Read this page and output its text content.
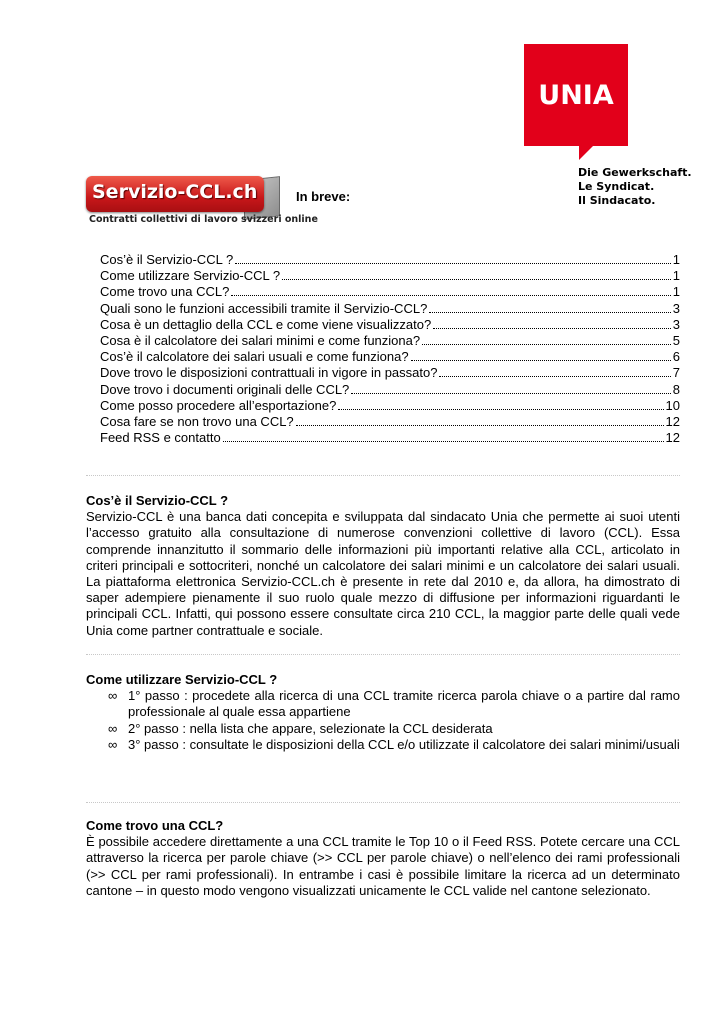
UNIA
Die Gewerkschaft.
Le Syndicat.
Il Sindacato.
Servizio-CCL.ch
Contratti collettivi di lavoro svizzeri online
In breve:
Cos’è il Servizio-CCL ?	1
Come utilizzare Servizio-CCL ?	1
Come trovo una CCL?	1
Quali sono le funzioni accessibili tramite il Servizio-CCL?	3
Cosa è un dettaglio della CCL e come viene visualizzato?	3
Cosa è il calcolatore dei salari minimi e come funziona?	5
Cos’è il calcolatore dei salari usuali e come funziona?	6
Dove trovo le disposizioni contrattuali in vigore in passato?	7
Dove trovo i documenti originali delle CCL?	8
Come posso procedere all’esportazione?	10
Cosa fare se non trovo una CCL?	12
Feed RSS e contatto	12
Cos’è il Servizio-CCL ?

Servizio-CCL è una banca dati concepita e sviluppata dal sindacato Unia che permette ai suoi utenti l’accesso gratuito alla consultazione di numerose convenzioni collettive di lavoro (CCL). Essa comprende innanzitutto il sommario delle informazioni più importanti relative alla CCL, articolato in criteri principali e sottocriteri, nonché un calcolatore dei salari minimi e un calcolatore dei salari usuali. La piattaforma elettronica Servizio-CCL.ch è presente in rete dal 2010 e, da allora, ha dimostrato di saper adempiere pienamente il suo ruolo quale mezzo di diffusione per informazioni riguardanti le principali CCL. Infatti, qui possono essere consultate circa 210 CCL, la maggior parte delle quali vede Unia come partner contrattuale e sociale.

Come utilizzare Servizio-CCL ?
∞ 1° passo : procedete alla ricerca di una CCL tramite ricerca parola chiave o a partire dal ramo professionale al quale essa appartiene
∞ 2° passo : nella lista che appare, selezionate la CCL desiderata
∞ 3° passo : consultate le disposizioni della CCL e/o utilizzate il calcolatore dei salari minimi/usuali
Come trovo una CCL?

È possibile accedere direttamente a una CCL tramite le Top 10 o il Feed RSS. Potete cercare una CCL attraverso la ricerca per parole chiave (>> CCL per parole chiave) o nell’elenco dei rami professionali (>> CCL per rami professionali). In entrambe i casi è possibile limitare la ricerca ad un determinato cantone – in questo modo vengono visualizzati unicamente le CCL valide nel cantone selezionato.
